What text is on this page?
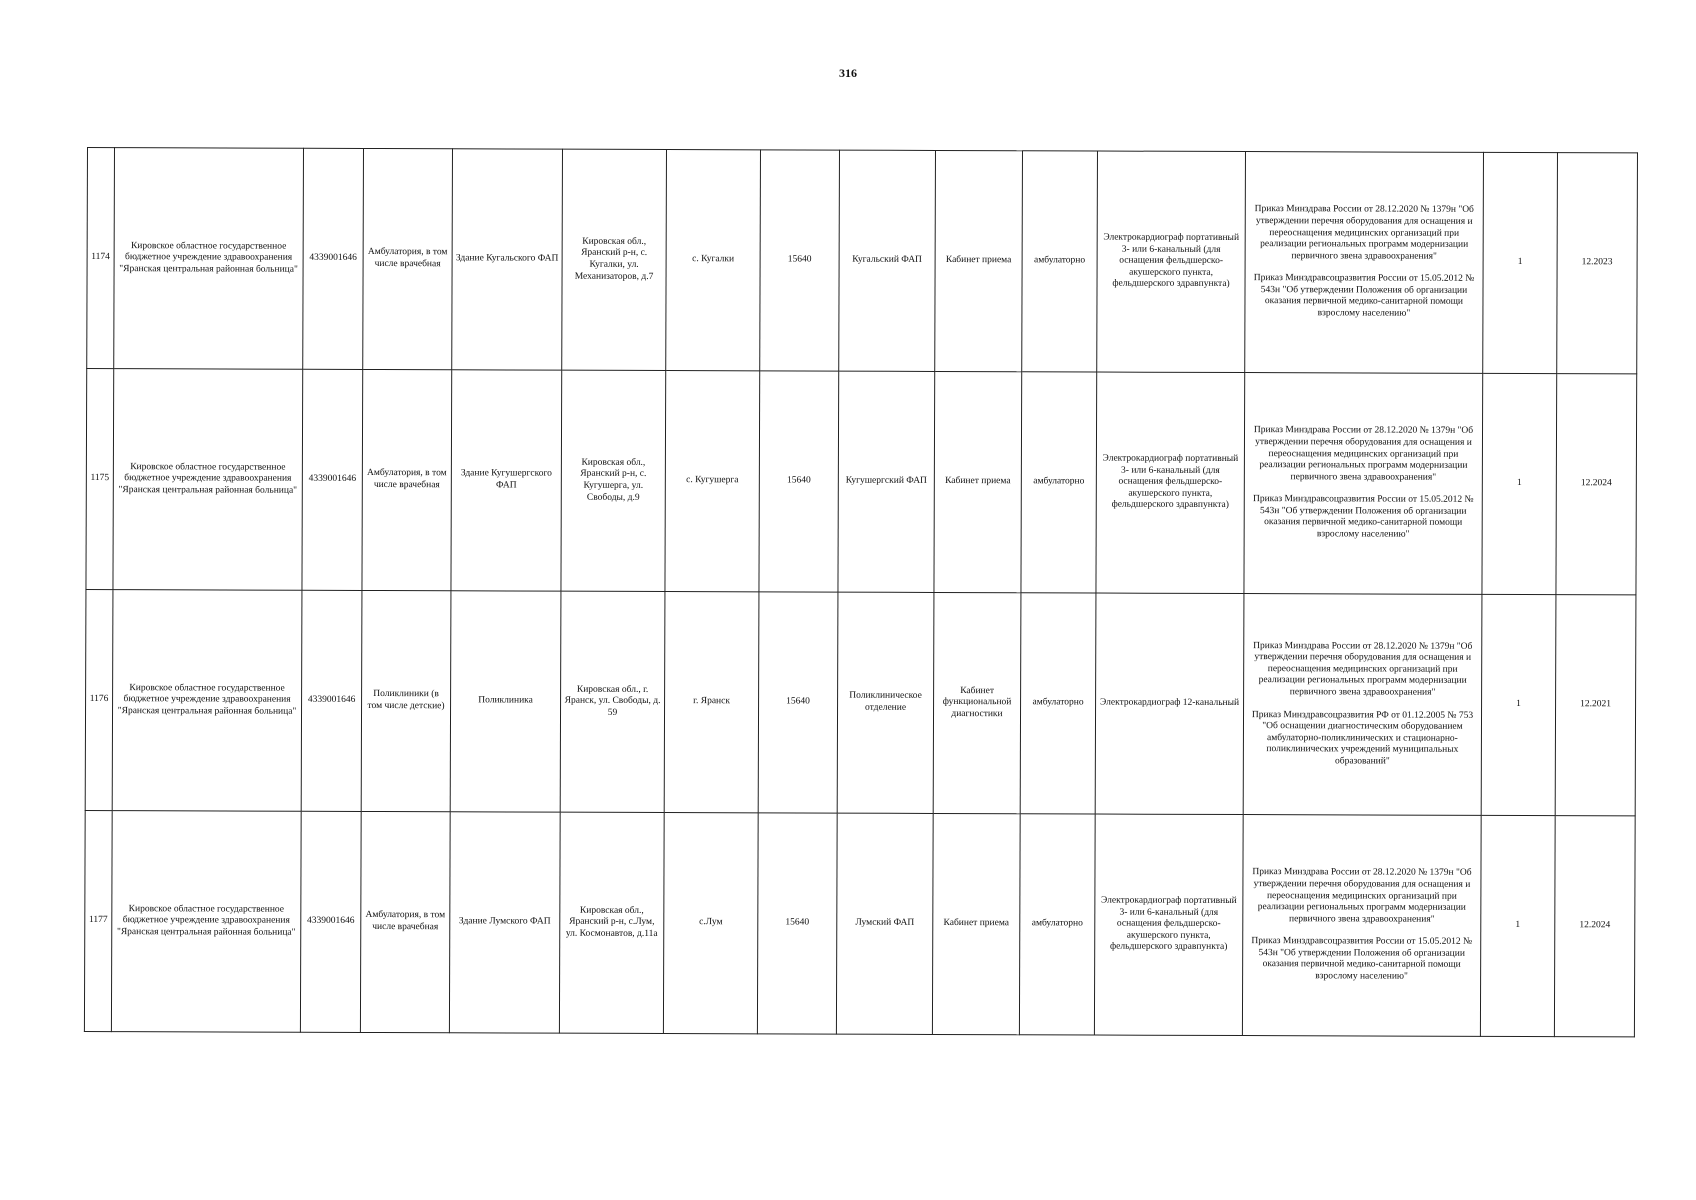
316
1174	Кировское областное государственное бюджетное учреждение здравоохранения "Яранская центральная районная больница"	4339001646	Амбулатория, в том числе врачебная	Здание Кугальского ФАП	Кировская обл., Яранский р-н, с. Кугалки, ул. Механизаторов, д.7	с. Кугалки	15640	Кугальский ФАП	Кабинет приема	амбулаторно	Электрокардиограф портативный 3- или 6-канальный (для оснащения фельдшерско-акушерского пункта, фельдшерского здравпункта)	Приказ Минздрава России от 28.12.2020 № 1379н "Об утверждении перечня оборудования для оснащения и переоснащения медицинских организаций при реализации региональных программ модернизации первичного звена здравоохранения"
Приказ Минздравсоцразвития России от 15.05.2012 № 543н "Об утверждении Положения об организации оказания первичной медико-санитарной помощи взрослому населению"	1	12.2023
1175	Кировское областное государственное бюджетное учреждение здравоохранения "Яранская центральная районная больница"	4339001646	Амбулатория, в том числе врачебная	Здание Кугушергского ФАП	Кировская обл., Яранский р-н, с. Кугушерга, ул. Свободы, д.9	с. Кугушерга	15640	Кугушергский ФАП	Кабинет приема	амбулаторно	Электрокардиограф портативный 3- или 6-канальный (для оснащения фельдшерско-акушерского пункта, фельдшерского здравпункта)	Приказ Минздрава России от 28.12.2020 № 1379н "Об утверждении перечня оборудования для оснащения и переоснащения медицинских организаций при реализации региональных программ модернизации первичного звена здравоохранения"
Приказ Минздравсоцразвития России от 15.05.2012 № 543н "Об утверждении Положения об организации оказания первичной медико-санитарной помощи взрослому населению"	1	12.2024
1176	Кировское областное государственное бюджетное учреждение здравоохранения "Яранская центральная районная больница"	4339001646	Поликлиники (в том числе детские)	Поликлиника	Кировская обл., г. Яранск, ул. Свободы, д. 59	г. Яранск	15640	Поликлиническое отделение	Кабинет функциональной диагностики	амбулаторно	Электрокардиограф 12-канальный	Приказ Минздрава России от 28.12.2020 № 1379н "Об утверждении перечня оборудования для оснащения и переоснащения медицинских организаций при реализации региональных программ модернизации первичного звена здравоохранения"
Приказ Минздравсоцразвития РФ от 01.12.2005 № 753 "Об оснащении диагностическим оборудованием амбулаторно-поликлинических и стационарно-поликлинических учреждений муниципальных образований"	1	12.2021
1177	Кировское областное государственное бюджетное учреждение здравоохранения "Яранская центральная районная больница"	4339001646	Амбулатория, в том числе врачебная	Здание Лумского ФАП	Кировская обл., Яранский р-н, с.Лум, ул. Космонавтов, д.11а	с.Лум	15640	Лумский ФАП	Кабинет приема	амбулаторно	Электрокардиограф портативный 3- или 6-канальный (для оснащения фельдшерско-акушерского пункта, фельдшерского здравпункта)	Приказ Минздрава России от 28.12.2020 № 1379н "Об утверждении перечня оборудования для оснащения и переоснащения медицинских организаций при реализации региональных программ модернизации первичного звена здравоохранения"
Приказ Минздравсоцразвития России от 15.05.2012 № 543н "Об утверждении Положения об организации оказания первичной медико-санитарной помощи взрослому населению"	1	12.2024
